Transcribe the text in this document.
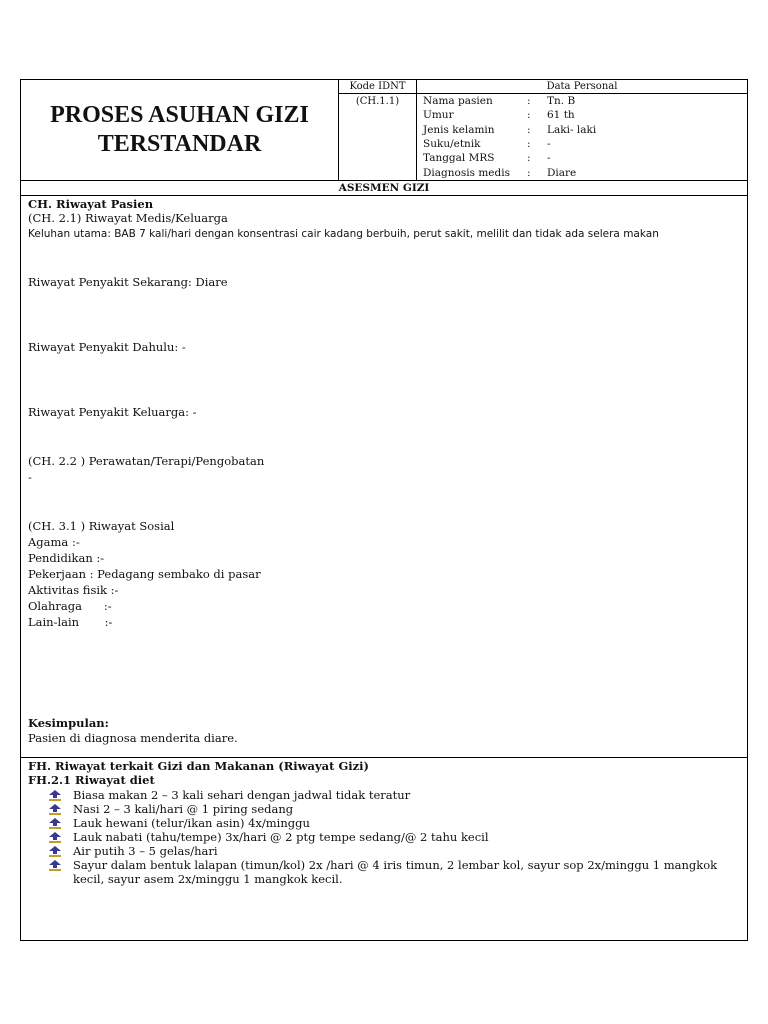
PROSES ASUHAN GIZI
TERSTANDAR
Kode IDNT
(CH.1.1)
Data Personal
Nama pasien	: Tn. B
Umur	: 61 th
Jenis kelamin	: Laki- laki
Suku/etnik	: -
Tanggal MRS	: -
Diagnosis medis	: Diare
ASESMEN GIZI
CH. Riwayat Pasien
(CH. 2.1) Riwayat Medis/Keluarga
Keluhan utama: BAB 7 kali/hari dengan konsentrasi cair kadang berbuih, perut sakit, melilit dan tidak ada selera makan
Riwayat Penyakit Sekarang: Diare
Riwayat Penyakit Dahulu: -
Riwayat Penyakit Keluarga: -
(CH. 2.2 ) Perawatan/Terapi/Pengobatan
-
(CH. 3.1 ) Riwayat Sosial
Agama :-
Pendidikan :-
Pekerjaan : Pedagang sembako di pasar
Aktivitas fisik :-
Olahraga      :-
Lain-lain       :-
Kesimpulan:
Pasien di diagnosa menderita diare.
FH. Riwayat terkait Gizi dan Makanan (Riwayat Gizi)
FH.2.1 Riwayat diet
Biasa makan 2 – 3 kali sehari dengan jadwal tidak teratur
Nasi 2 – 3 kali/hari @ 1 piring sedang
Lauk hewani (telur/ikan asin) 4x/minggu
Lauk nabati (tahu/tempe) 3x/hari @ 2 ptg tempe sedang/@ 2 tahu kecil
Air putih 3 – 5 gelas/hari
Sayur dalam bentuk lalapan (timun/kol) 2x /hari @ 4 iris timun, 2 lembar kol, sayur sop 2x/minggu 1 mangkok kecil, sayur asem 2x/minggu 1 mangkok kecil.
